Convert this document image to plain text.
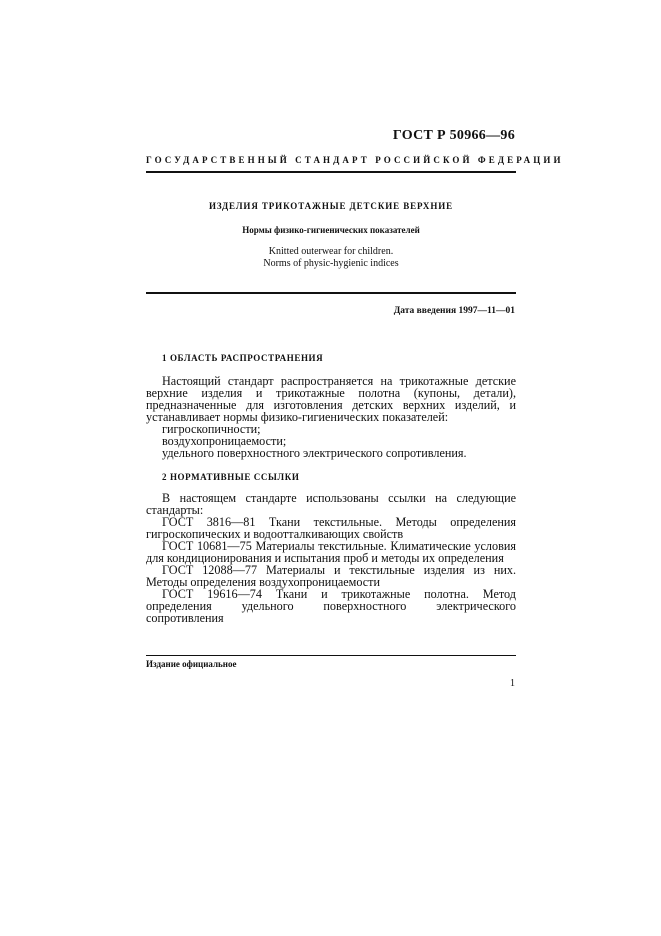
ГОСТ Р 50966—96
ГОСУДАРСТВЕННЫЙ СТАНДАРТ РОССИЙСКОЙ ФЕДЕРАЦИИ
ИЗДЕЛИЯ ТРИКОТАЖНЫЕ ДЕТСКИЕ ВЕРХНИЕ
Нормы физико-гигиенических показателей
Knitted outerwear for children.
Norms of physic-hygienic indices
Дата введения 1997—11—01
1 ОБЛАСТЬ РАСПРОСТРАНЕНИЯ

Настоящий стандарт распространяется на трикотажные детские верхние изделия и трикотажные полотна (купоны, детали), предназначенные для изготовления детских верхних изделий, и устанавливает нормы физико-гигиенических показателей:

гигроскопичности;
воздухопроницаемости;
удельного поверхностного электрического сопротивления.
2 НОРМАТИВНЫЕ ССЫЛКИ

В настоящем стандарте использованы ссылки на следующие стандарты:

ГОСТ 3816—81 Ткани текстильные. Методы определения гигроскопических и водоотталкивающих свойств

ГОСТ 10681—75 Материалы текстильные. Климатические условия для кондиционирования и испытания проб и методы их определения

ГОСТ 12088—77 Материалы и текстильные изделия из них. Методы определения воздухопроницаемости

ГОСТ 19616—74 Ткани и трикотажные полотна. Метод определения удельного поверхностного электрического сопротивления

Издание официальное
1
